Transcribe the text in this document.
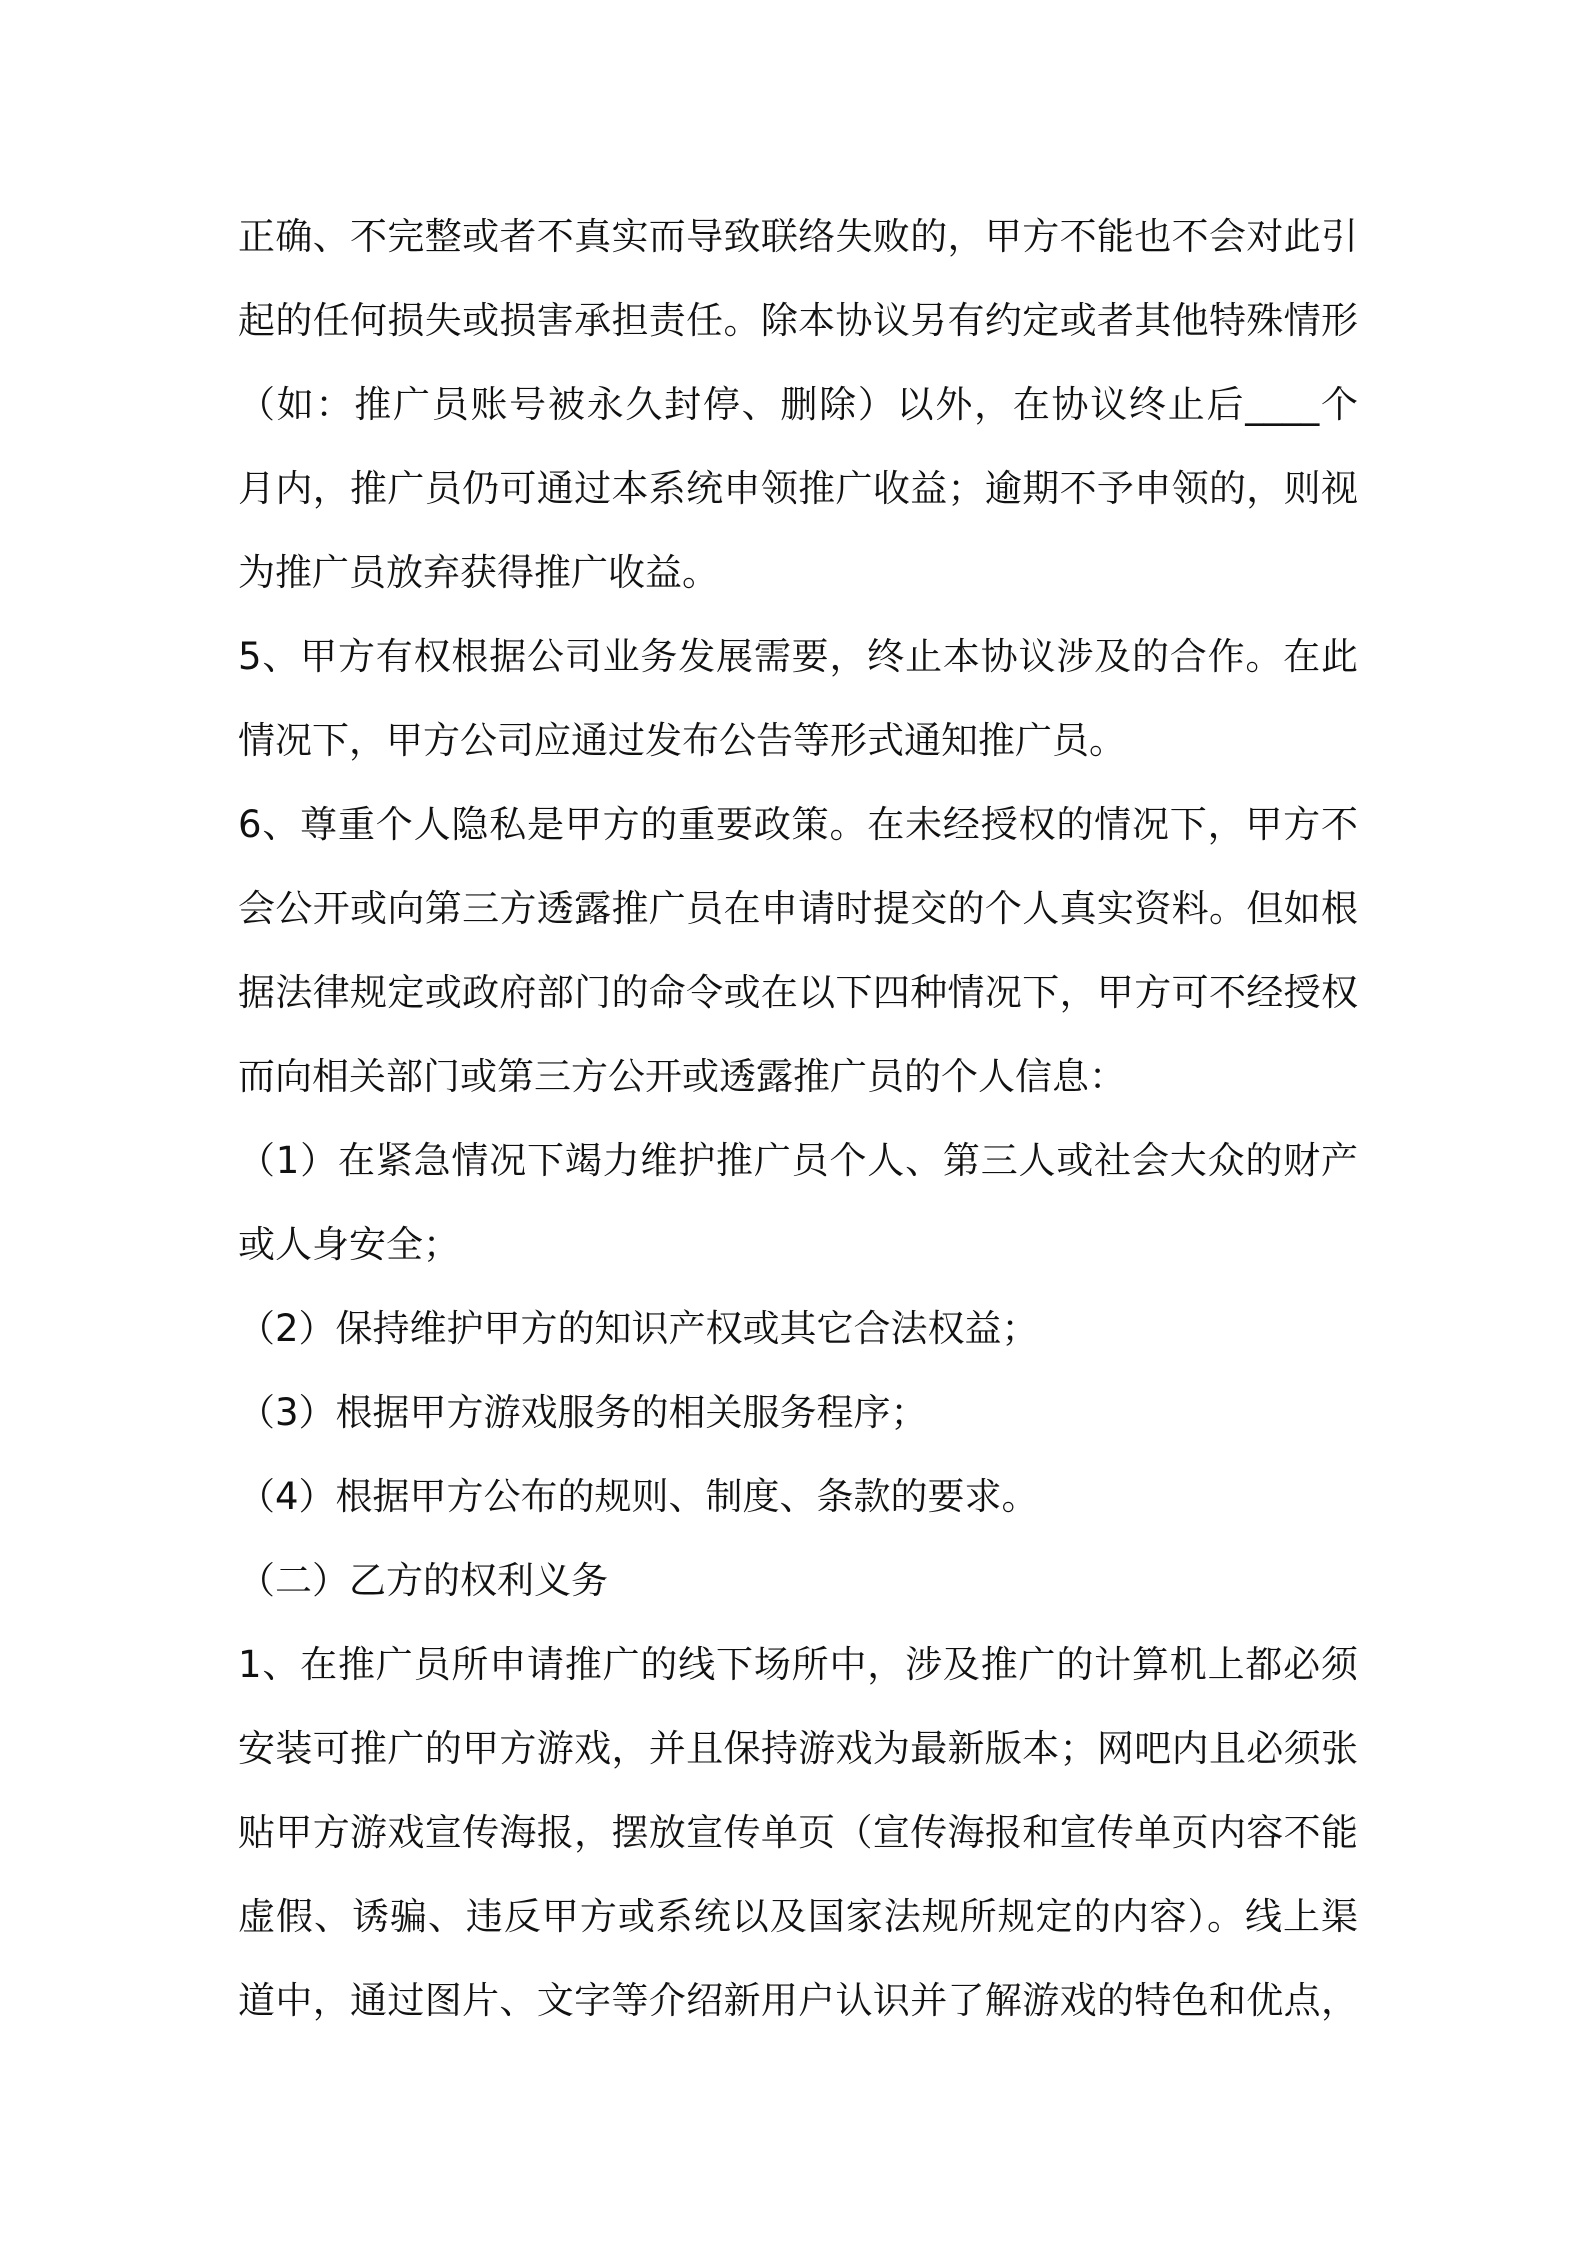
正确、不完整或者不真实而导致联络失败的，甲方不能也不会对此引
起的任何损失或损害承担责任。除本协议另有约定或者其他特殊情形
（如：推广员账号被永久封停、删除）以外，在协议终止后____个
月内，推广员仍可通过本系统申领推广收益；逾期不予申领的，则视
为推广员放弃获得推广收益。
5、甲方有权根据公司业务发展需要，终止本协议涉及的合作。在此
情况下，甲方公司应通过发布公告等形式通知推广员。
6、尊重个人隐私是甲方的重要政策。在未经授权的情况下，甲方不
会公开或向第三方透露推广员在申请时提交的个人真实资料。但如根
据法律规定或政府部门的命令或在以下四种情况下，甲方可不经授权
而向相关部门或第三方公开或透露推广员的个人信息：
（1）在紧急情况下竭力维护推广员个人、第三人或社会大众的财产
或人身安全；
（2）保持维护甲方的知识产权或其它合法权益；
（3）根据甲方游戏服务的相关服务程序；
（4）根据甲方公布的规则、制度、条款的要求。
（二）乙方的权利义务
1、在推广员所申请推广的线下场所中，涉及推广的计算机上都必须
安装可推广的甲方游戏，并且保持游戏为最新版本；网吧内且必须张
贴甲方游戏宣传海报，摆放宣传单页（宣传海报和宣传单页内容不能
虚假、诱骗、违反甲方或系统以及国家法规所规定的内容）。线上渠
道中，通过图片、文字等介绍新用户认识并了解游戏的特色和优点，
